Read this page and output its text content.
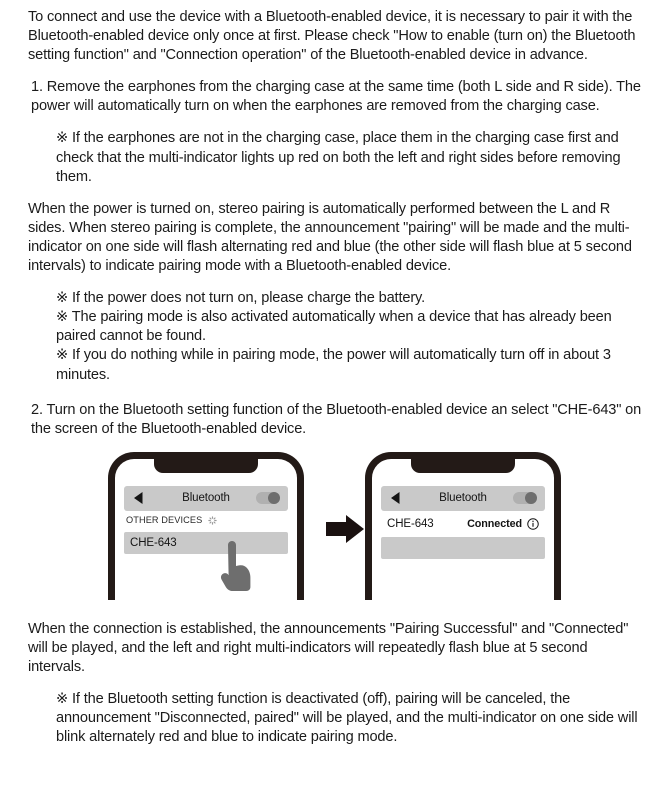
To connect and use the device with a Bluetooth-enabled device, it is necessary to pair it with the Bluetooth-enabled device only once at first. Please check "How to enable (turn on) the Bluetooth setting function" and "Connection operation" of the Bluetooth-enabled device in advance.

1. Remove the earphones from the charging case at the same time (both L side and R side). The power will automatically turn on when the earphones are removed from the charging case.

※ If the earphones are not in the charging case, place them in the charging case first and check that the multi-indicator lights up red on both the left and right sides before removing them.

When the power is turned on, stereo pairing is automatically performed between the L and R sides. When stereo pairing is complete, the announcement "pairing" will be made and the multi-indicator on one side will flash alternating red and blue (the other side will flash blue at 5 second intervals) to indicate pairing mode with a Bluetooth-enabled device.

※ If the power does not turn on, please charge the battery.
※ The pairing mode is also activated automatically when a device that has already been paired cannot be found.
※ If you do nothing while in pairing mode, the power will automatically turn off in about 3 minutes.

2. Turn on the Bluetooth setting function of the Bluetooth-enabled device an select "CHE-643" on the screen of the Bluetooth-enabled device.

Bluetooth
OTHER DEVICES
CHE-643
Bluetooth
CHE-643	Connected

When the connection is established, the announcements "Pairing Successful" and "Connected" will be played, and the left and right multi-indicators will repeatedly flash blue at 5 second intervals.

※ If the Bluetooth setting function is deactivated (off), pairing will be canceled, the announcement "Disconnected, paired" will be played, and the multi-indicator on one side will blink alternately red and blue to indicate pairing mode.
